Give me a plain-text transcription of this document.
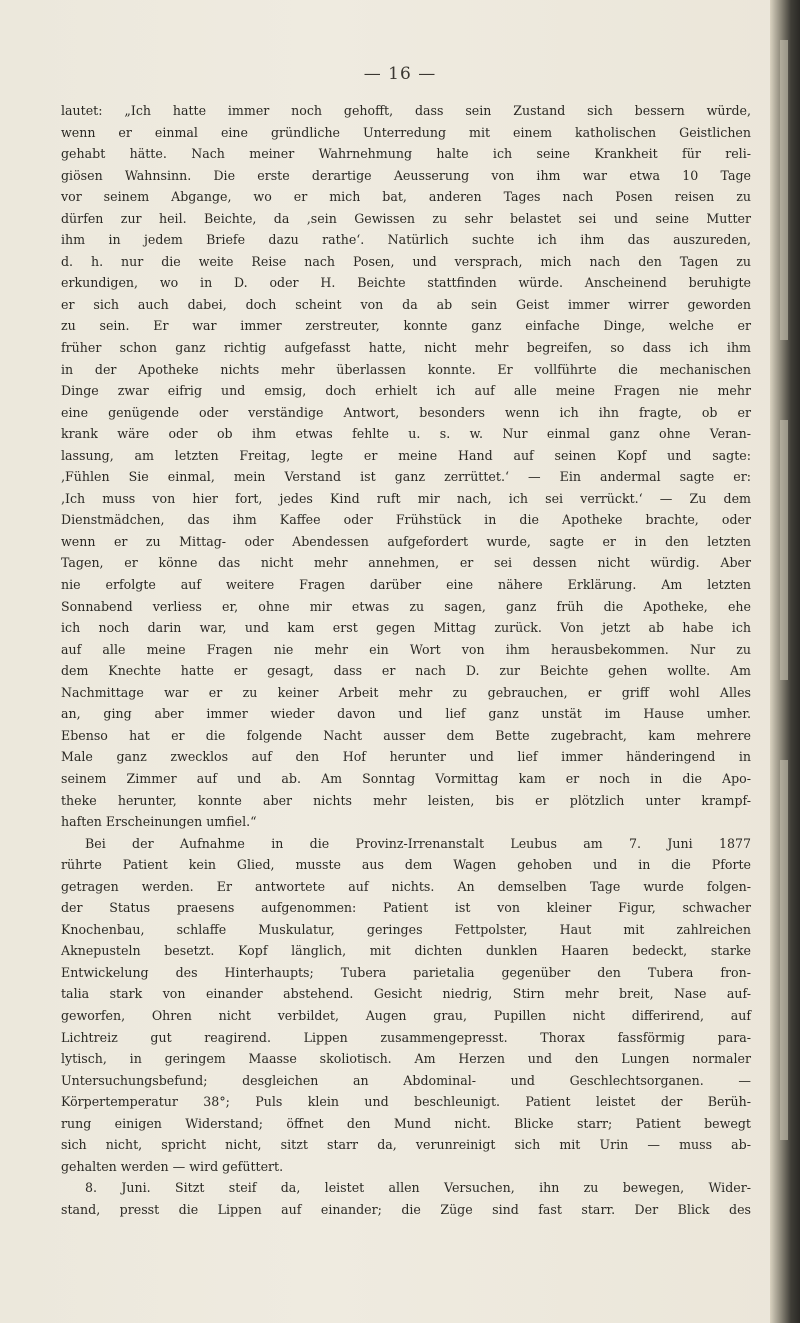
— 16 —
lautet: „Ich hatte immer noch gehofft, dass sein Zustand sich bessern würde,
wenn er einmal eine gründliche Unterredung mit einem katholischen Geistlichen
gehabt hätte. Nach meiner Wahrnehmung halte ich seine Krankheit für reli-
giösen Wahnsinn. Die erste derartige Aeusserung von ihm war etwa 10 Tage
vor seinem Abgange, wo er mich bat, anderen Tages nach Posen reisen zu
dürfen zur heil. Beichte, da ‚sein Gewissen zu sehr belastet sei und seine Mutter
ihm in jedem Briefe dazu rathe‘. Natürlich suchte ich ihm das auszureden,
d. h. nur die weite Reise nach Posen, und versprach, mich nach den Tagen zu
erkundigen, wo in D. oder H. Beichte stattfinden würde. Anscheinend beruhigte
er sich auch dabei, doch scheint von da ab sein Geist immer wirrer geworden
zu sein. Er war immer zerstreuter, konnte ganz einfache Dinge, welche er
früher schon ganz richtig aufgefasst hatte, nicht mehr begreifen, so dass ich ihm
in der Apotheke nichts mehr überlassen konnte. Er vollführte die mechanischen
Dinge zwar eifrig und emsig, doch erhielt ich auf alle meine Fragen nie mehr
eine genügende oder verständige Antwort, besonders wenn ich ihn fragte, ob er
krank wäre oder ob ihm etwas fehlte u. s. w. Nur einmal ganz ohne Veran-
lassung, am letzten Freitag, legte er meine Hand auf seinen Kopf und sagte:
‚Fühlen Sie einmal, mein Verstand ist ganz zerrüttet.‘ — Ein andermal sagte er:
‚Ich muss von hier fort, jedes Kind ruft mir nach, ich sei verrückt.‘ — Zu dem
Dienstmädchen, das ihm Kaffee oder Frühstück in die Apotheke brachte, oder
wenn er zu Mittag- oder Abendessen aufgefordert wurde, sagte er in den letzten
Tagen, er könne das nicht mehr annehmen, er sei dessen nicht würdig. Aber
nie erfolgte auf weitere Fragen darüber eine nähere Erklärung. Am letzten
Sonnabend verliess er, ohne mir etwas zu sagen, ganz früh die Apotheke, ehe
ich noch darin war, und kam erst gegen Mittag zurück. Von jetzt ab habe ich
auf alle meine Fragen nie mehr ein Wort von ihm herausbekommen. Nur zu
dem Knechte hatte er gesagt, dass er nach D. zur Beichte gehen wollte. Am
Nachmittage war er zu keiner Arbeit mehr zu gebrauchen, er griff wohl Alles
an, ging aber immer wieder davon und lief ganz unstät im Hause umher.
Ebenso hat er die folgende Nacht ausser dem Bette zugebracht, kam mehrere
Male ganz zwecklos auf den Hof herunter und lief immer händeringend in
seinem Zimmer auf und ab. Am Sonntag Vormittag kam er noch in die Apo-
theke herunter, konnte aber nichts mehr leisten, bis er plötzlich unter krampf-
haften Erscheinungen umfiel.“
Bei der Aufnahme in die Provinz-Irrenanstalt Leubus am 7. Juni 1877
rührte Patient kein Glied, musste aus dem Wagen gehoben und in die Pforte
getragen werden. Er antwortete auf nichts. An demselben Tage wurde folgen-
der Status praesens aufgenommen: Patient ist von kleiner Figur, schwacher
Knochenbau, schlaffe Muskulatur, geringes Fettpolster, Haut mit zahlreichen
Aknepusteln besetzt. Kopf länglich, mit dichten dunklen Haaren bedeckt, starke
Entwickelung des Hinterhaupts; Tubera parietalia gegenüber den Tubera fron-
talia stark von einander abstehend. Gesicht niedrig, Stirn mehr breit, Nase auf-
geworfen, Ohren nicht verbildet, Augen grau, Pupillen nicht differirend, auf
Lichtreiz gut reagirend. Lippen zusammengepresst. Thorax fassförmig para-
lytisch, in geringem Maasse skoliotisch. Am Herzen und den Lungen normaler
Untersuchungsbefund; desgleichen an Abdominal- und Geschlechtsorganen. —
Körpertemperatur 38°; Puls klein und beschleunigt. Patient leistet der Berüh-
rung einigen Widerstand; öffnet den Mund nicht. Blicke starr; Patient bewegt
sich nicht, spricht nicht, sitzt starr da, verunreinigt sich mit Urin — muss ab-
gehalten werden — wird gefüttert.
8. Juni. Sitzt steif da, leistet allen Versuchen, ihn zu bewegen, Wider-
stand, presst die Lippen auf einander; die Züge sind fast starr. Der Blick des
